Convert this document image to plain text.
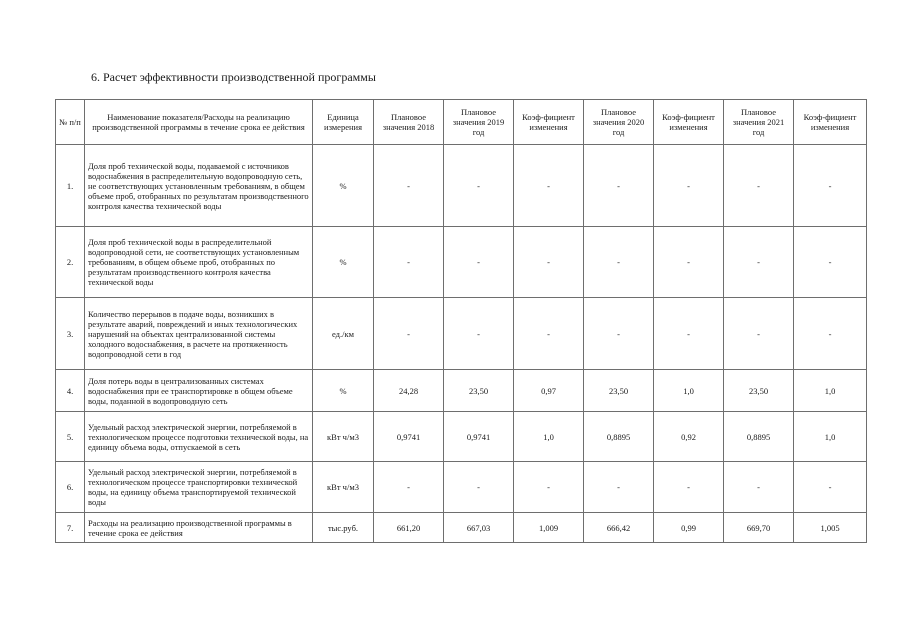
6. Расчет эффективности производственной программы
№ п/п	Наименование показателя/Расходы на реализацию производственной программы в течение срока ее действия	Единица измерения	Плановое значения 2018	Плановое значения 2019 год	Коэф-фициент изменения	Плановое значения 2020 год	Коэф-фициент изменения	Плановое значения 2021 год	Коэф-фициент изменения
1.	Доля проб технической воды, подаваемой с источников водоснабжения в распределительную водопроводную сеть, не соответствующих установленным требованиям, в общем объеме проб, отобранных по результатам производственного контроля качества технической воды	%	-	-	-	-	-	-	-
2.	Доля проб технической воды в распределительной водопроводной сети, не соответствующих установленным требованиям, в общем объеме проб, отобранных по результатам производственного контроля качества технической воды	%	-	-	-	-	-	-	-
3.	Количество перерывов в подаче воды, возникших в результате аварий, повреждений и иных технологических нарушений на объектах централизованной системы холодного водоснабжения, в расчете на протяженность водопроводной сети в год	ед./км	-	-	-	-	-	-	-
4.	Доля потерь воды в централизованных системах водоснабжения при ее транспортировке в общем объеме воды, поданной в водопроводную сеть	%	24,28	23,50	0,97	23,50	1,0	23,50	1,0
5.	Удельный расход электрической энергии, потребляемой в технологическом процессе подготовки технической воды, на единицу объема воды, отпускаемой в сеть	кВт ч/м3	0,9741	0,9741	1,0	0,8895	0,92	0,8895	1,0
6.	Удельный расход электрической энергии, потребляемой в технологическом процессе транспортировки технической воды, на единицу объема транспортируемой технической воды	кВт ч/м3	-	-	-	-	-	-	-
7.	Расходы на реализацию производственной программы в течение срока ее действия	тыс.руб.	661,20	667,03	1,009	666,42	0,99	669,70	1,005
